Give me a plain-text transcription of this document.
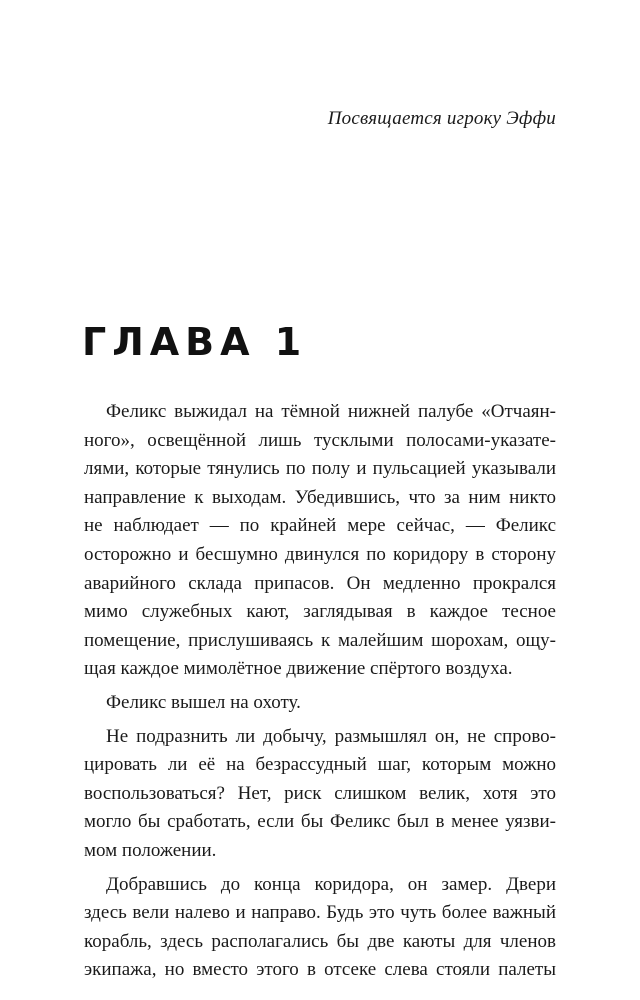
Посвящается игроку Эффи

ГЛАВА 1
Феликс выжидал на тёмной нижней палубе «Отчаян-
ного», освещённой лишь тусклыми полосами-указате-
лями, которые тянулись по полу и пульсацией указывали
направление к выходам. Убедившись, что за ним никто
не наблюдает — по крайней мере сейчас, — Феликс
осторожно и бесшумно двинулся по коридору в сторону
аварийного склада припасов. Он медленно прокрался
мимо служебных кают, заглядывая в каждое тесное
помещение, прислушиваясь к малейшим шорохам, ощу-
щая каждое мимолётное движение спёртого воздуха.
Феликс вышел на охоту.
Не подразнить ли добычу, размышлял он, не спрово-
цировать ли её на безрассудный шаг, которым можно
воспользоваться? Нет, риск слишком велик, хотя это
могло бы сработать, если бы Феликс был в менее уязви-
мом положении.
Добравшись до конца коридора, он замер. Двери
здесь вели налево и направо. Будь это чуть более важный
корабль, здесь располагались бы две каюты для членов
экипажа, но вместо этого в отсеке слева стояли палеты
